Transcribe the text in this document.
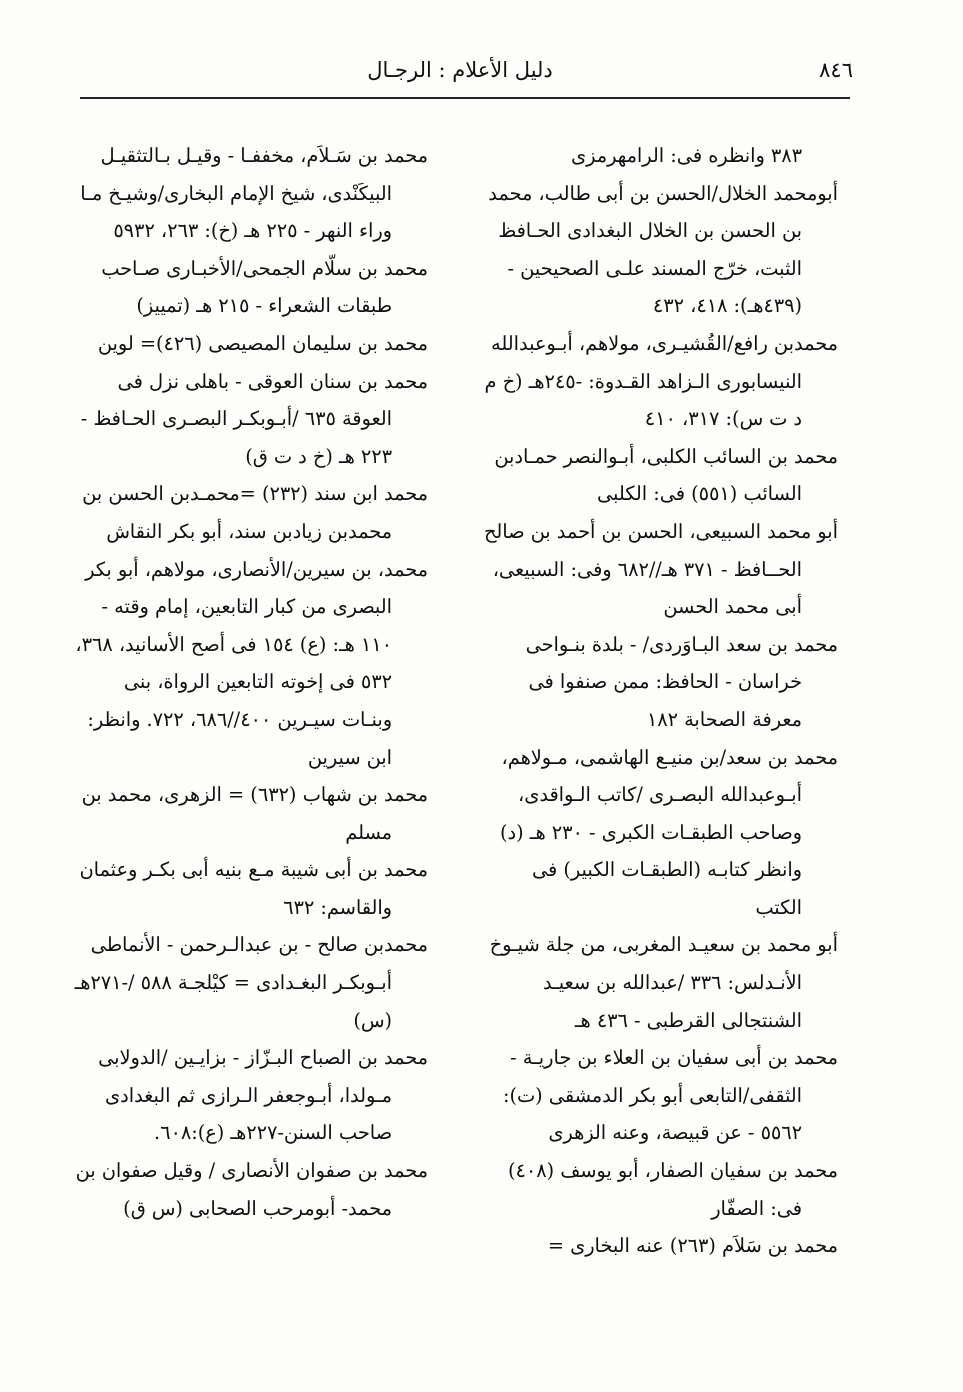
٨٤٦
دليل الأعلام : الرجـال
٣٨٣ وانظره فى: الرامهرمزى
أبومحمد الخلال/الحسن بن أبى طالب، محمد بن الحسن بن الخلال البغدادى الحـافظ الثبت، خرّج المسند علـى الصحيحين -(٤٣٩هـ): ٤١٨، ٤٣٢
محمدبن رافع/القُشيـرى، مولاهم، أبـوعبدالله النيسابورى الـزاهد القـدوة: -٢٤٥هـ (خ م د ت س): ٣١٧، ٤١٠
محمد بن السائب الكلبى، أبـوالنصر حمـادبن السائب (٥٥١) فى: الكلبى
أبو محمد السبيعى، الحسن بن أحمد بن صالح الحــافظ - ٣٧١ هـ//٦٨٢ وفى: السبيعى، أبى محمد الحسن
محمد بن سعد البـاوَردى/ - بلدة بنـواحى خراسان - الحافظ: ممن صنفوا فى معرفة الصحابة ١٨٢
محمد بن سعد/بن منيـع الهاشمى، مـولاهم، أبـوعبدالله البصـرى /كاتب الـواقدى، وصاحب الطبقـات الكبرى - ٢٣٠ هـ (د) وانظر كتابـه (الطبقـات الكبير) فى الكتب
أبو محمد بن سعيـد المغربى، من جلة شيـوخ الأنـدلس: ٣٣٦ /عبدالله بن سعيـد الشنتجالى القرطبى - ٤٣٦ هـ
محمد بن أبى سفيان بن العلاء بن جاريـة - الثقفى/التابعى أبو بكر الدمشقى (ت): ٥٥٦٢ - عن قبيصة، وعنه الزهرى
محمد بن سفيان الصفار، أبو يوسف (٤٠٨) فى: الصفّار
محمد بن سَلاَم (٢٦٣) عنه البخارى =
محمد بن سَـلاَم، مخففـا - وقيـل بـالتثقيـل البيكَنْدى، شيخ الإمام البخارى/وشيـخ مـا وراء النهر - ٢٢٥ هـ (خ): ٢٦٣، ٥٩٣٢
محمد بن سلّام الجمحى/الأخبـارى صـاحب طبقات الشعراء - ٢١٥ هـ (تمييز)
محمد بن سليمان المصيصى (٤٢٦)= لوين
محمد بن سنان العوقى - باهلى نزل فى العوقة ٦٣٥ /أبـوبكـر البصـرى الحـافظ - ٢٢٣ هـ (خ د ت ق)
محمد ابن سند (٢٣٢) =محمـدبن الحسن بن محمدبن زيادبن سند، أبو بكر النقاش
محمد، بن سيرين/الأنصارى، مولاهم، أبو بكر البصرى من كبار التابعين، إمام وقته - ١١٠ هـ: (ع) ١٥٤ فى أصح الأسانيد، ٣٦٨، ٥٣٢ فى إخوته التابعين الرواة، بنى وبنـات سيـرين ٤٠٠//٦٨٦، ٧٢٢. وانظر: ابن سيرين
محمد بن شهاب (٦٣٢) = الزهرى، محمد بن مسلم
محمد بن أبى شيبة مـع بنيه أبى بكـر وعثمان والقاسم: ٦٣٢
محمدبن صالح - بن عبدالـرحمن - الأنماطى أبـوبكـر البغـدادى = كيْلجـة ٥٨٨ /-٢٧١هـ (س)
محمد بن الصباح البـزّاز - بزايـين /الدولابى مـولدا، أبـوجعفر الـرازى ثم البغدادى صاحب السنن-٢٢٧هـ (ع):٦٠٨.
محمد بن صفوان الأنصارى / وقيل صفوان بن محمد- أبومرحب الصحابى (س ق)
